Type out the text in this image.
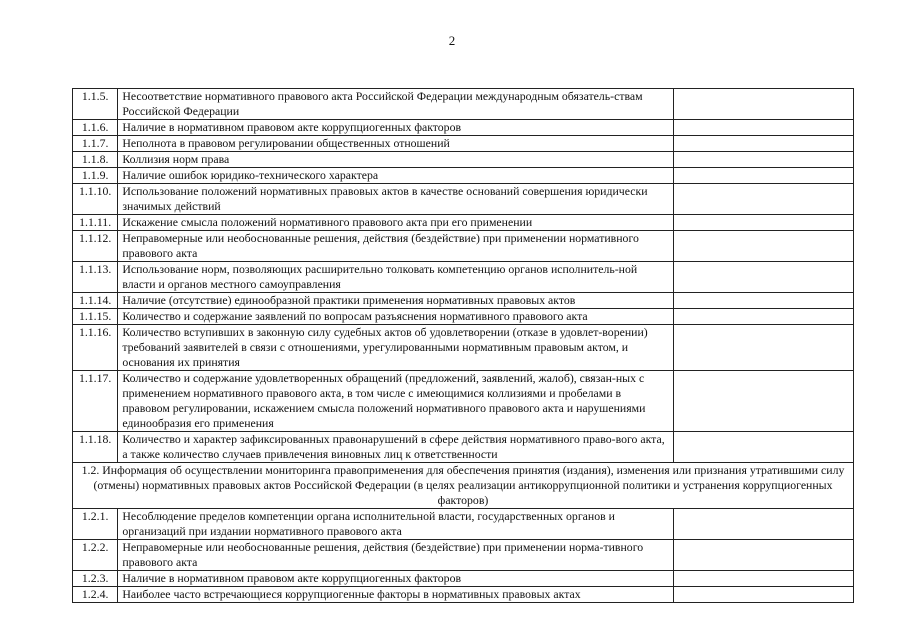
2
1.1.5.	Несоответствие нормативного правового акта Российской Федерации международным обязатель-ствам Российской Федерации	
1.1.6.	Наличие в нормативном правовом акте коррупциогенных факторов	
1.1.7.	Неполнота в правовом регулировании общественных отношений	
1.1.8.	Коллизия норм права	
1.1.9.	Наличие ошибок юридико-технического характера	
1.1.10.	Использование положений нормативных правовых актов в качестве оснований совершения юридически значимых действий	
1.1.11.	Искажение смысла положений нормативного правового акта при его применении	
1.1.12.	Неправомерные или необоснованные решения, действия (бездействие) при применении нормативного правового акта	
1.1.13.	Использование норм, позволяющих расширительно толковать компетенцию органов исполнитель-ной власти и органов местного самоуправления	
1.1.14.	Наличие (отсутствие) единообразной практики применения нормативных правовых актов	
1.1.15.	Количество и содержание заявлений по вопросам разъяснения нормативного правового акта	
1.1.16.	Количество вступивших в законную силу судебных актов об удовлетворении (отказе в удовлет-ворении) требований заявителей в связи с отношениями, урегулированными нормативным правовым актом, и основания их принятия	
1.1.17.	Количество и содержание удовлетворенных обращений (предложений, заявлений, жалоб), связан-ных с применением нормативного правового акта, в том числе с имеющимися коллизиями и пробелами в правовом регулировании, искажением смысла положений нормативного правового акта и нарушениями единообразия его применения	
1.1.18.	Количество и характер зафиксированных правонарушений в сфере действия нормативного право-вого акта, а также количество случаев привлечения виновных лиц к ответственности	
1.2. Информация об осуществлении мониторинга правоприменения для обеспечения принятия (издания), изменения или признания утратившими силу (отмены) нормативных правовых актов Российской Федерации (в целях реализации антикоррупционной политики и устранения коррупциогенных факторов)		
1.2.1.	Несоблюдение пределов компетенции органа исполнительной власти, государственных органов и организаций при издании нормативного правового акта	
1.2.2.	Неправомерные или необоснованные решения, действия (бездействие) при применении норма-тивного правового акта	
1.2.3.	Наличие в нормативном правовом акте коррупциогенных факторов	
1.2.4.	Наиболее часто встречающиеся коррупциогенные факторы в нормативных правовых актах	
